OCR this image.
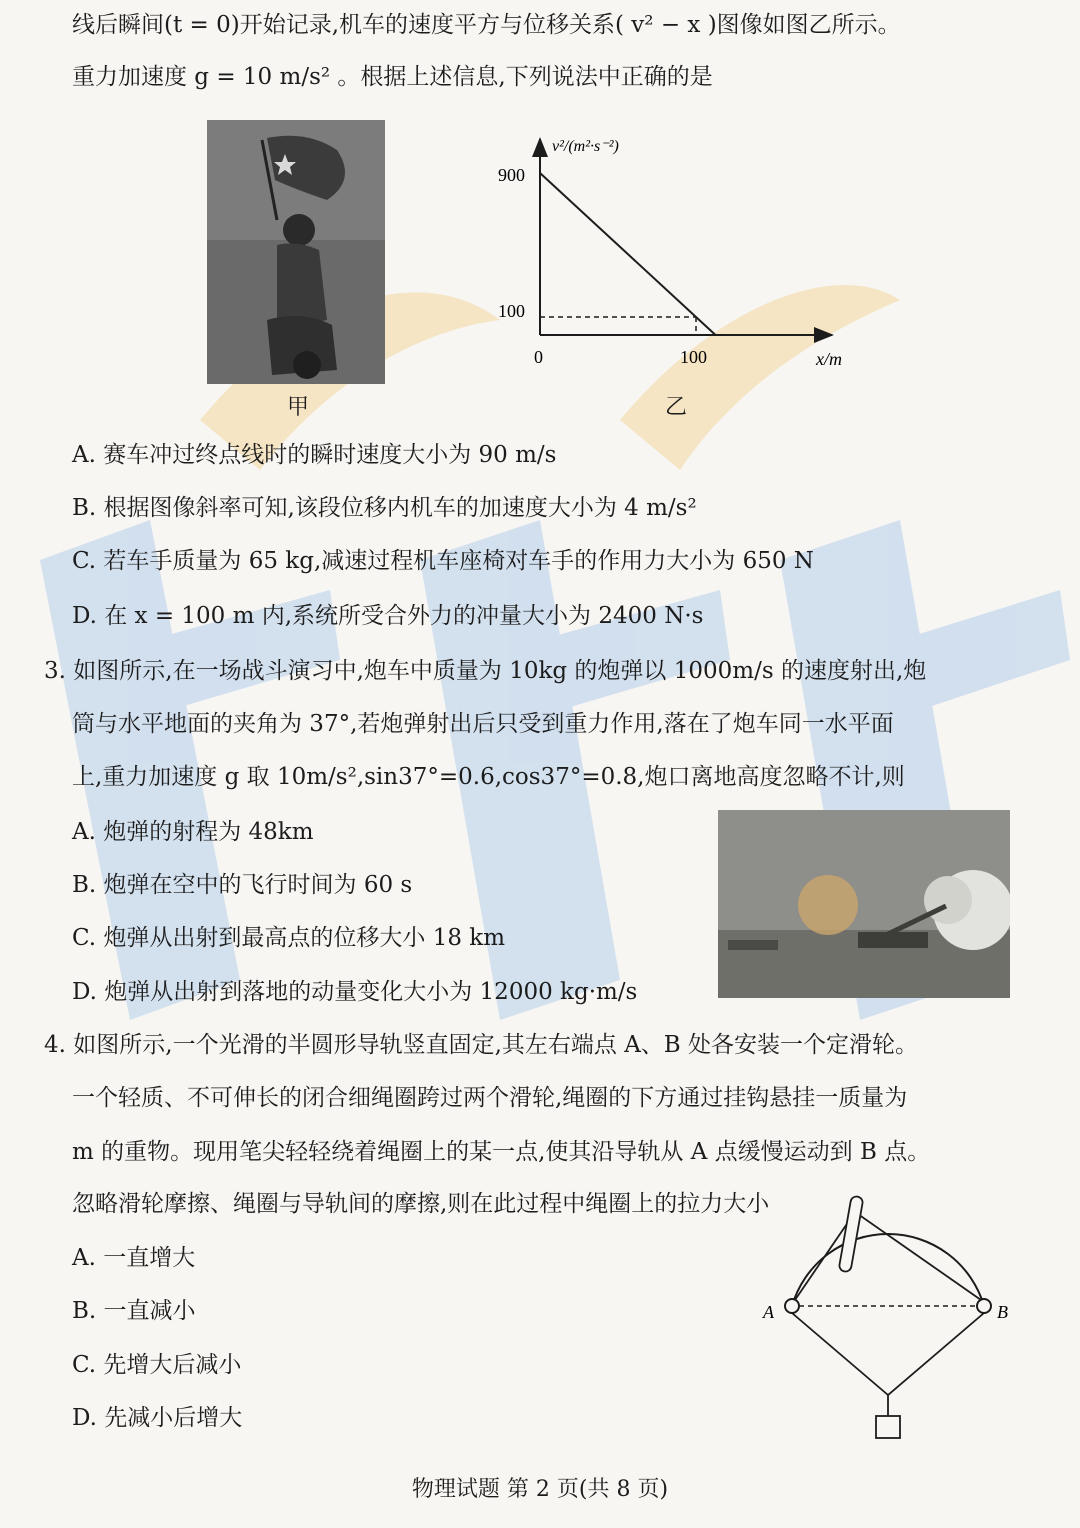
线后瞬间(t = 0)开始记录,机车的速度平方与位移关系( v² − x )图像如图乙所示。
重力加速度 g = 10 m/s² 。根据上述信息,下列说法中正确的是
甲
v²/(m²·s⁻²)
x/m
900
100
0	100
乙
A. 赛车冲过终点线时的瞬时速度大小为 90 m/s
B. 根据图像斜率可知,该段位移内机车的加速度大小为 4 m/s²
C. 若车手质量为 65 kg,减速过程机车座椅对车手的作用力大小为 650 N
D. 在 x = 100 m 内,系统所受合外力的冲量大小为 2400 N·s
3. 如图所示,在一场战斗演习中,炮车中质量为 10kg 的炮弹以 1000m/s 的速度射出,炮
筒与水平地面的夹角为 37°,若炮弹射出后只受到重力作用,落在了炮车同一水平面
上,重力加速度 g 取 10m/s²,sin37°=0.6,cos37°=0.8,炮口离地高度忽略不计,则
A. 炮弹的射程为 48km
B. 炮弹在空中的飞行时间为 60 s
C. 炮弹从出射到最高点的位移大小 18 km
D. 炮弹从出射到落地的动量变化大小为 12000 kg·m/s
4. 如图所示,一个光滑的半圆形导轨竖直固定,其左右端点 A、B 处各安装一个定滑轮。
一个轻质、不可伸长的闭合细绳圈跨过两个滑轮,绳圈的下方通过挂钩悬挂一质量为
m 的重物。现用笔尖轻轻绕着绳圈上的某一点,使其沿导轨从 A 点缓慢运动到 B 点。
忽略滑轮摩擦、绳圈与导轨间的摩擦,则在此过程中绳圈上的拉力大小
A. 一直增大
B. 一直减小
C. 先增大后减小
D. 先减小后增大
A	B
物理试题 第 2 页(共 8 页)
